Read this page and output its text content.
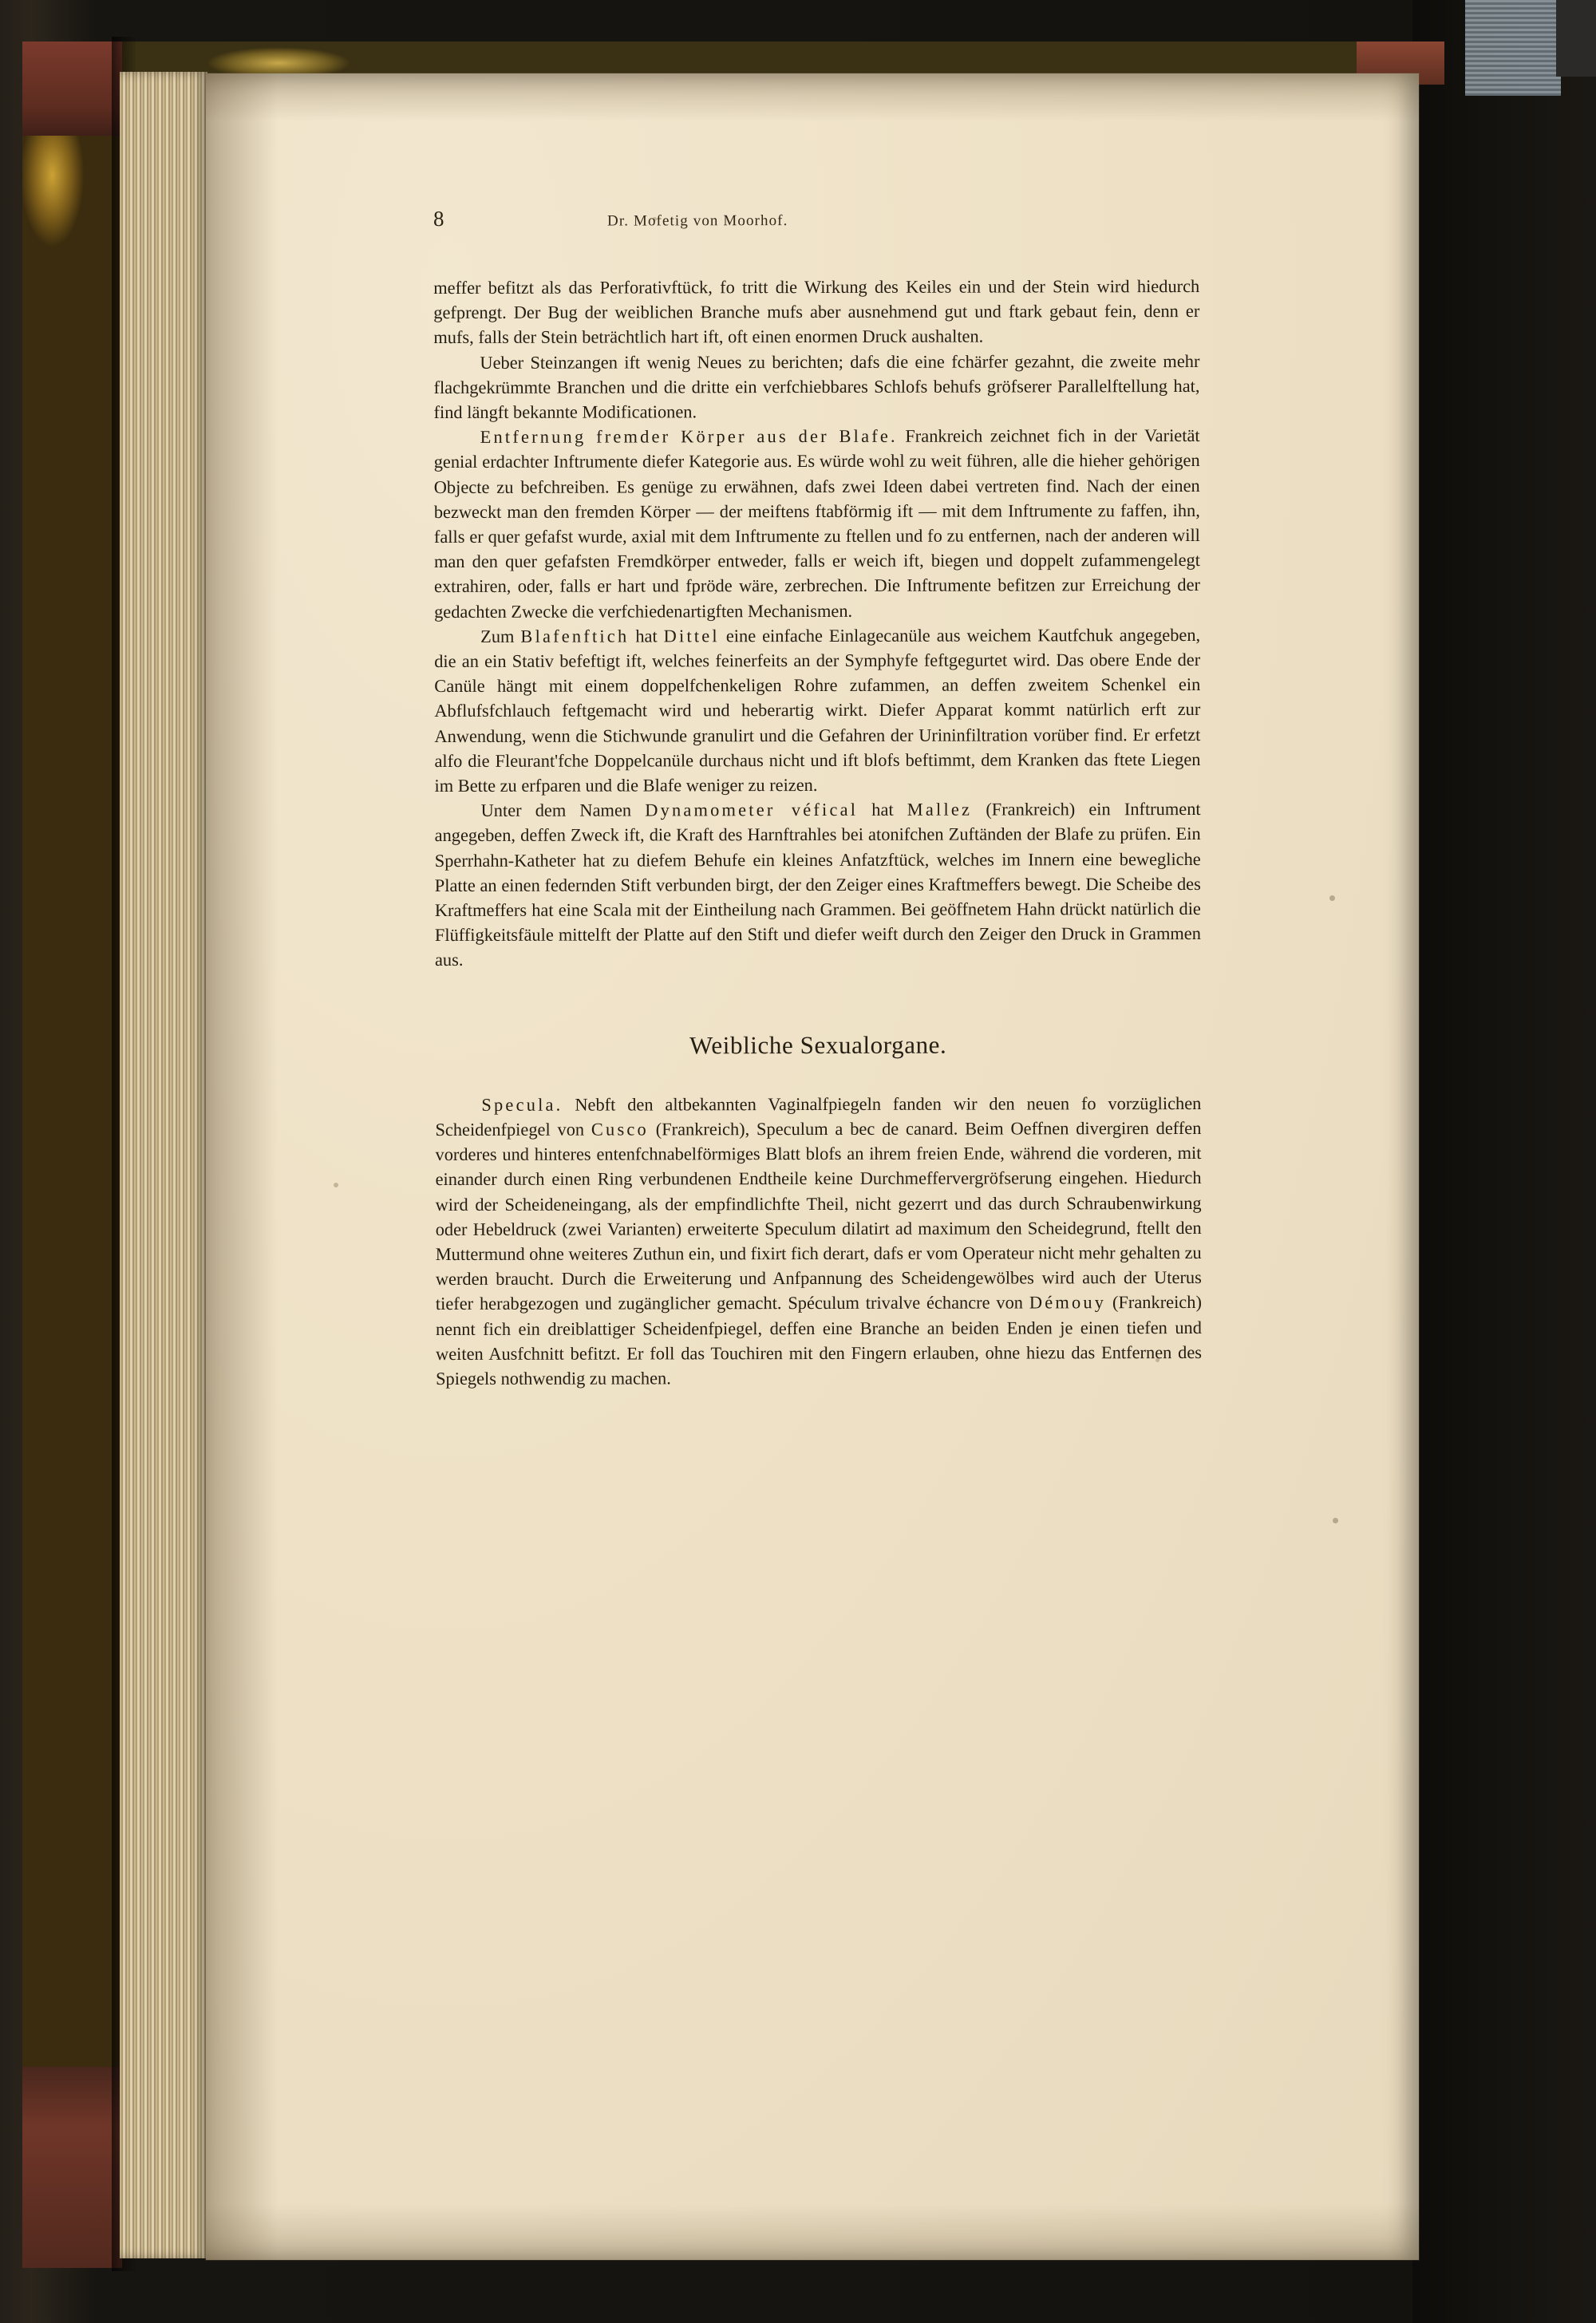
8	Dr. Mofetig von Moorhof.

meffer befitzt als das Perforativftück, fo tritt die Wirkung des Keiles ein und der Stein wird hiedurch gefprengt. Der Bug der weiblichen Branche mufs aber ausnehmend gut und ftark gebaut fein, denn er mufs, falls der Stein beträchtlich hart ift, oft einen enormen Druck aushalten.

Ueber Steinzangen ift wenig Neues zu berichten; dafs die eine fchärfer gezahnt, die zweite mehr flachgekrümmte Branchen und die dritte ein verfchiebbares Schlofs behufs gröfserer Parallelftellung hat, find längft bekannte Modificationen.

Entfernung fremder Körper aus der Blafe. Frankreich zeichnet fich in der Varietät genial erdachter Inftrumente diefer Kategorie aus. Es würde wohl zu weit führen, alle die hieher gehörigen Objecte zu befchreiben. Es genüge zu erwähnen, dafs zwei Ideen dabei vertreten find. Nach der einen bezweckt man den fremden Körper — der meiftens ftabförmig ift — mit dem Inftrumente zu faffen, ihn, falls er quer gefafst wurde, axial mit dem Inftrumente zu ftellen und fo zu entfernen, nach der anderen will man den quer gefafsten Fremdkörper entweder, falls er weich ift, biegen und doppelt zufammengelegt extrahiren, oder, falls er hart und fpröde wäre, zerbrechen. Die Inftrumente befitzen zur Erreichung der gedachten Zwecke die verfchiedenartigften Mechanismen.

Zum Blafenftich hat Dittel eine einfache Einlagecanüle aus weichem Kautfchuk angegeben, die an ein Stativ befeftigt ift, welches feinerfeits an der Symphyfe feftgegurtet wird. Das obere Ende der Canüle hängt mit einem doppelfchenkeligen Rohre zufammen, an deffen zweitem Schenkel ein Abflufsfchlauch feftgemacht wird und heberartig wirkt. Diefer Apparat kommt natürlich erft zur Anwendung, wenn die Stichwunde granulirt und die Gefahren der Urininfiltration vorüber find. Er erfetzt alfo die Fleurant'fche Doppelcanüle durchaus nicht und ift blofs beftimmt, dem Kranken das ftete Liegen im Bette zu erfparen und die Blafe weniger zu reizen.

Unter dem Namen Dynamometer véfical hat Mallez (Frankreich) ein Inftrument angegeben, deffen Zweck ift, die Kraft des Harnftrahles bei atonifchen Zuftänden der Blafe zu prüfen. Ein Sperrhahn-Katheter hat zu diefem Behufe ein kleines Anfatzftück, welches im Innern eine bewegliche Platte an einen federnden Stift verbunden birgt, der den Zeiger eines Kraftmeffers bewegt. Die Scheibe des Kraftmeffers hat eine Scala mit der Eintheilung nach Grammen. Bei geöffnetem Hahn drückt natürlich die Flüffigkeitsfäule mittelft der Platte auf den Stift und diefer weift durch den Zeiger den Druck in Grammen aus.

Weibliche Sexualorgane.

Specula. Nebft den altbekannten Vaginalfpiegeln fanden wir den neuen fo vorzüglichen Scheidenfpiegel von Cusco (Frankreich), Speculum a bec de canard. Beim Oeffnen divergiren deffen vorderes und hinteres entenfchnabelförmiges Blatt blofs an ihrem freien Ende, während die vorderen, mit einander durch einen Ring verbundenen Endtheile keine Durchmeffervergröfserung eingehen. Hiedurch wird der Scheideneingang, als der empfindlichfte Theil, nicht gezerrt und das durch Schraubenwirkung oder Hebeldruck (zwei Varianten) erweiterte Speculum dilatirt ad maximum den Scheidegrund, ftellt den Muttermund ohne weiteres Zuthun ein, und fixirt fich derart, dafs er vom Operateur nicht mehr gehalten zu werden braucht. Durch die Erweiterung und Anfpannung des Scheidengewölbes wird auch der Uterus tiefer herabgezogen und zugänglicher gemacht. Spéculum trivalve échancre von Démouy (Frankreich) nennt fich ein dreiblattiger Scheidenfpiegel, deffen eine Branche an beiden Enden je einen tiefen und weiten Ausfchnitt befitzt. Er foll das Touchiren mit den Fingern erlauben, ohne hiezu das Entfernen des Spiegels nothwendig zu machen.
